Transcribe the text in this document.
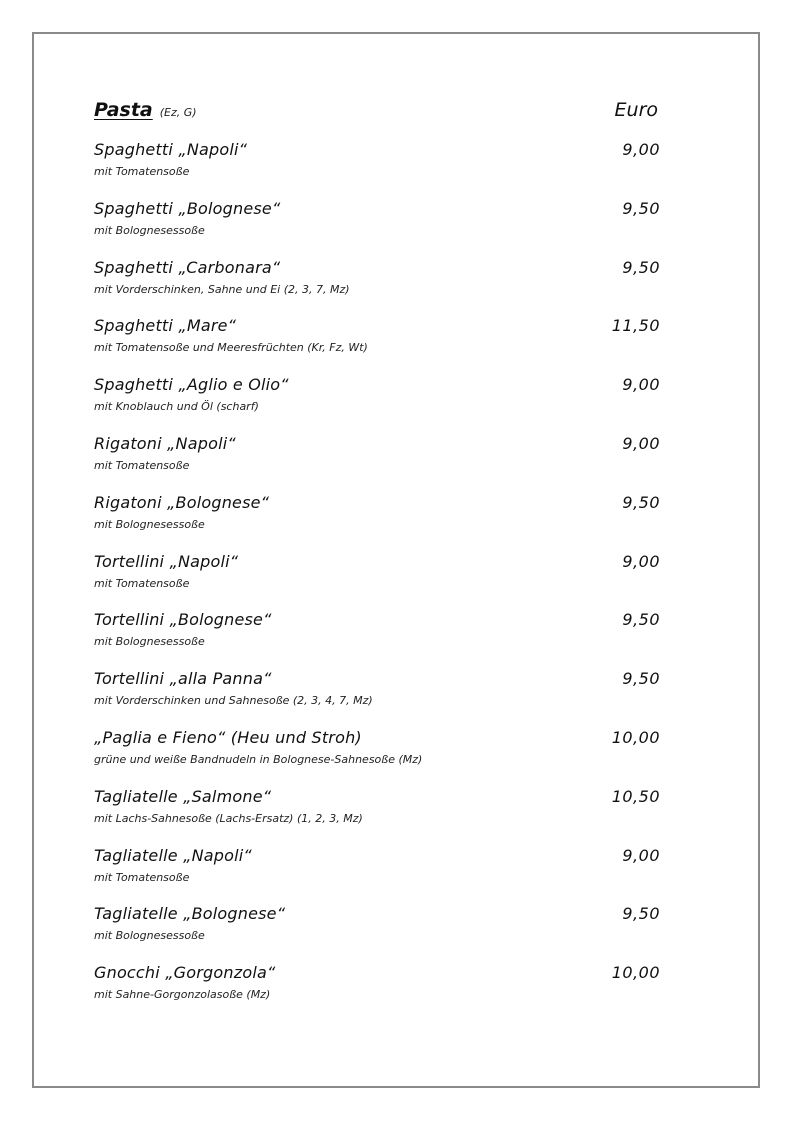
Pasta (Ez, G)	Euro
Spaghetti „Napoli“	9,00
mit Tomatensoße
Spaghetti „Bolognese“	9,50
mit Bolognesessoße
Spaghetti „Carbonara“	9,50
mit Vorderschinken, Sahne und Ei (2, 3, 7, Mz)
Spaghetti „Mare“	11,50
mit Tomatensoße und Meeresfrüchten (Kr, Fz, Wt)
Spaghetti „Aglio e Olio“	9,00
mit Knoblauch und Öl (scharf)
Rigatoni „Napoli“	9,00
mit Tomatensoße
Rigatoni „Bolognese“	9,50
mit Bolognesessoße
Tortellini „Napoli“	9,00
mit Tomatensoße
Tortellini „Bolognese“	9,50
mit Bolognesessoße
Tortellini „alla Panna“	9,50
mit Vorderschinken und Sahnesoße (2, 3, 4, 7, Mz)
„Paglia e Fieno“ (Heu und Stroh)	10,00
grüne und weiße Bandnudeln in Bolognese-Sahnesoße (Mz)
Tagliatelle „Salmone“	10,50
mit Lachs-Sahnesoße (Lachs-Ersatz) (1, 2, 3, Mz)
Tagliatelle „Napoli“	9,00
mit Tomatensoße
Tagliatelle „Bolognese“	9,50
mit Bolognesessoße
Gnocchi „Gorgonzola“	10,00
mit Sahne-Gorgonzolasoße (Mz)
